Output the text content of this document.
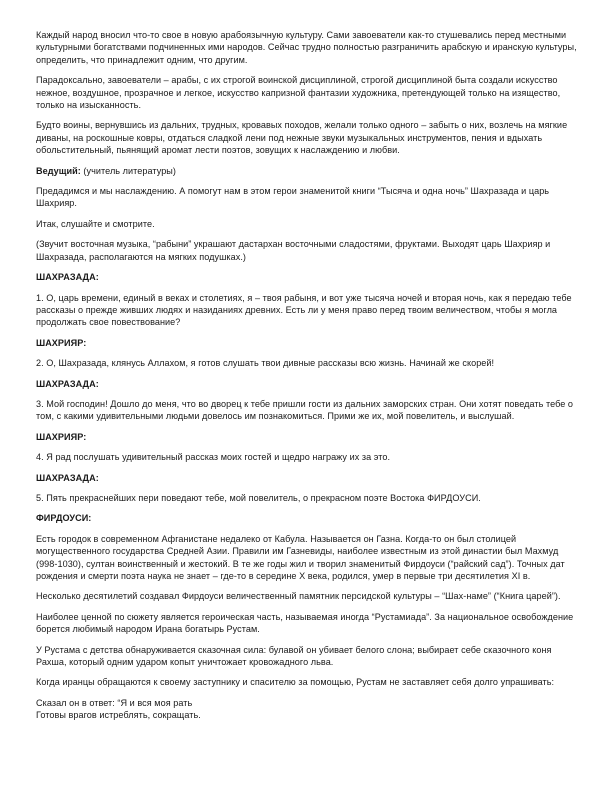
Каждый народ вносил что-то свое в новую арабоязычную культуру. Сами завоеватели как-то стушевались перед местными культурными богатствами подчиненных ими народов. Сейчас трудно полностью разграничить арабскую и иранскую культуры, определить, что принадлежит одним, что другим.

Парадоксально, завоеватели – арабы, с их строгой воинской дисциплиной, строгой дисциплиной быта создали искусство нежное, воздушное, прозрачное и легкое, искусство капризной фантазии художника, претендующей только на изящество, только на изысканность.

Будто воины, вернувшись из дальних, трудных, кровавых походов, желали только одного – забыть о них, возлечь на мягкие диваны, на роскошные ковры, отдаться сладкой лени под нежные звуки музыкальных инструментов, пения и вдыхать обольстительный, пьянящий аромат лести поэтов, зовущих к наслаждению и любви.

Ведущий: (учитель литературы)

Предадимся и мы наслаждению. А помогут нам в этом герои знаменитой книги “Тысяча и одна ночь” Шахразада и царь Шахрияр.

Итак, слушайте и смотрите.

(Звучит восточная музыка, “рабыни” украшают дастархан восточными сладостями, фруктами. Выходят царь Шахрияр и Шахразада, располагаются на мягких подушках.)

ШАХРАЗАДА:

1. О, царь времени, единый в веках и столетиях, я – твоя рабыня, и вот уже тысяча ночей и вторая ночь, как я передаю тебе рассказы о прежде живших людях и назиданиях древних. Есть ли у меня право перед твоим величеством, чтобы я могла продолжать свое повествование?

ШАХРИЯР:

2. О, Шахразада, клянусь Аллахом, я готов слушать твои дивные рассказы всю жизнь. Начинай же скорей!

ШАХРАЗАДА:

3. Мой господин! Дошло до меня, что во дворец к тебе пришли гости из дальних заморских стран. Они хотят поведать тебе о том, с какими удивительными людьми довелось им познакомиться. Прими же их, мой повелитель, и выслушай.

ШАХРИЯР:

4. Я рад послушать удивительный рассказ моих гостей и щедро награжу их за это.

ШАХРАЗАДА:

5. Пять прекраснейших пери поведают тебе, мой повелитель, о прекрасном поэте Востока ФИРДОУСИ.

ФИРДОУСИ:

Есть городок в современном Афганистане недалеко от Кабула. Называется он Газна. Когда-то он был столицей могущественного государства Средней Азии. Правили им Газневиды, наиболее известным из этой династии был Махмуд (998-1030), султан воинственный и жестокий. В те же годы жил и творил знаменитый Фирдоуси (“райский сад”). Точных дат рождения и смерти поэта наука не знает – где-то в середине X века, родился, умер в первые три десятилетия XI в.

Несколько десятилетий создавал Фирдоуси величественный памятник персидской культуры – “Шах-наме” (“Книга царей”).

Наиболее ценной по сюжету является героическая часть, называемая иногда “Рустамиада”. За национальное освобождение борется любимый народом Ирана богатырь Рустам.

У Рустама с детства обнаруживается сказочная сила: булавой он убивает белого слона; выбирает себе сказочного коня Рахша, который одним ударом копыт уничтожает кровожадного льва.

Когда иранцы обращаются к своему заступнику и спасителю за помощью, Рустам не заставляет себя долго упрашивать:

Сказал он в ответ: “Я и вся моя рать

Готовы врагов истреблять, сокращать.
